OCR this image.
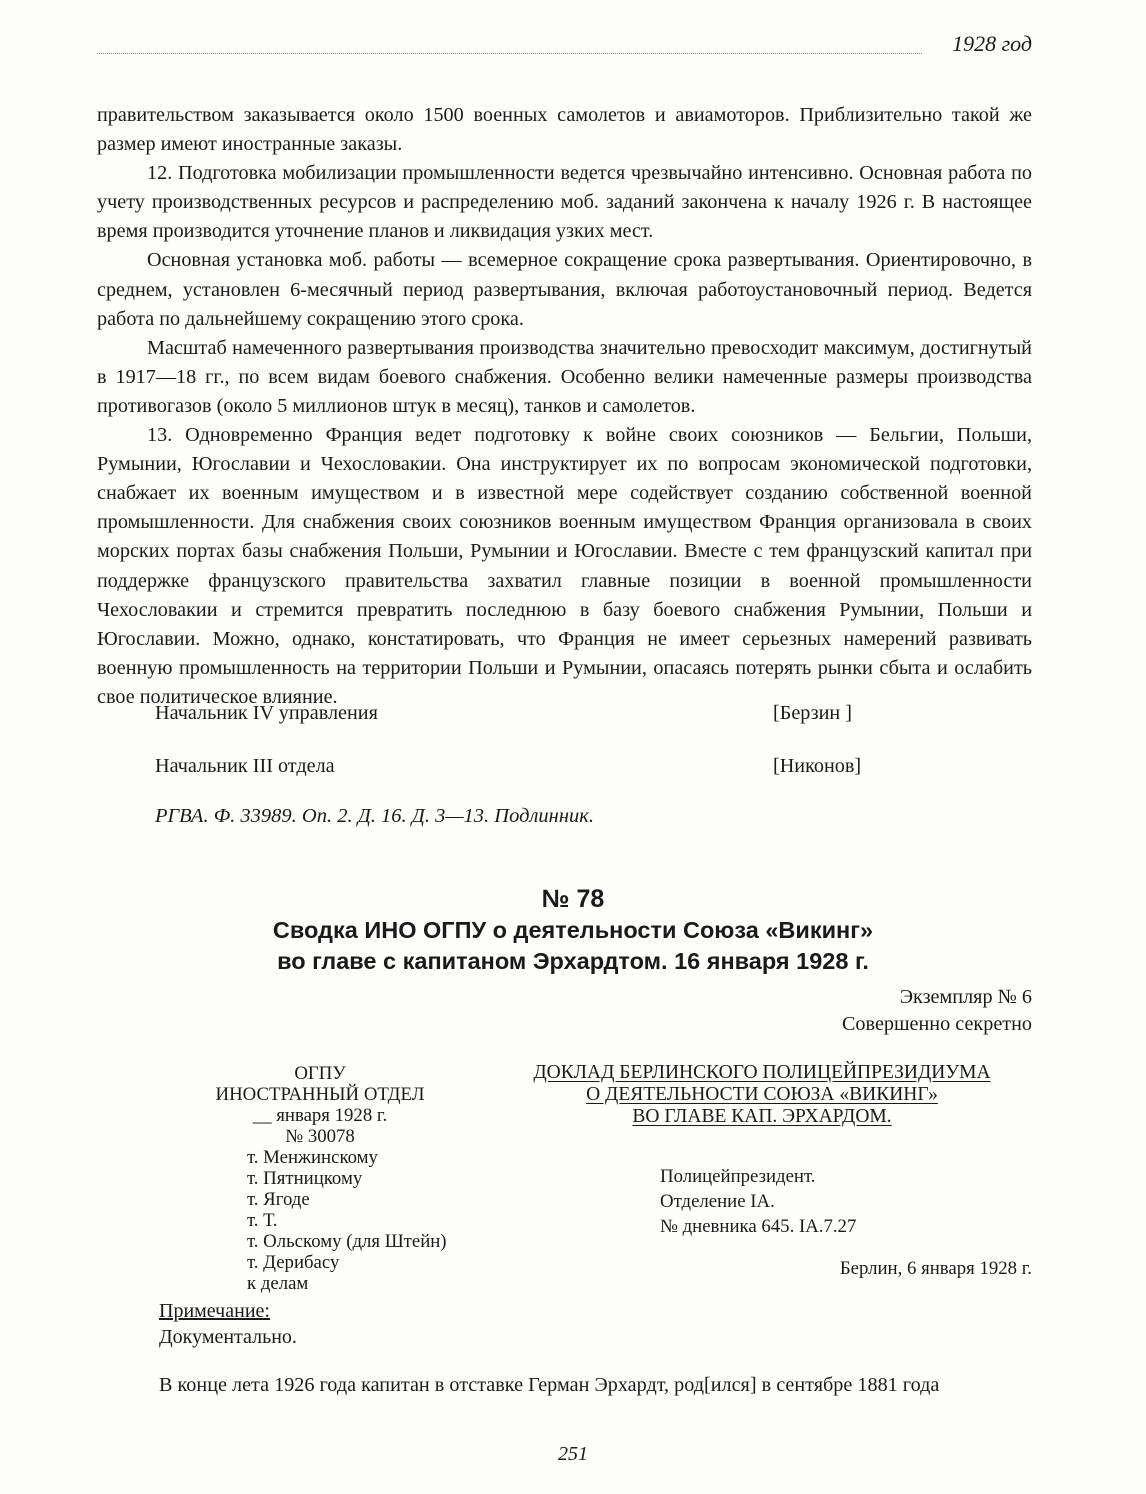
1928 год

правительством заказывается около 1500 военных самолетов и авиамоторов. Приблизительно такой же размер имеют иностранные заказы.

12. Подготовка мобилизации промышленности ведется чрезвычайно интенсивно. Основная работа по учету производственных ресурсов и распределению моб. заданий закончена к началу 1926 г. В настоящее время производится уточнение планов и ликвидация узких мест.

Основная установка моб. работы — всемерное сокращение срока развертывания. Ориентировочно, в среднем, установлен 6-месячный период развертывания, включая работоустановочный период. Ведется работа по дальнейшему сокращению этого срока.

Масштаб намеченного развертывания производства значительно превосходит максимум, достигнутый в 1917—18 гг., по всем видам боевого снабжения. Особенно велики намеченные размеры производства противогазов (около 5 миллионов штук в месяц), танков и самолетов.

13. Одновременно Франция ведет подготовку к войне своих союзников — Бельгии, Польши, Румынии, Югославии и Чехословакии. Она инструктирует их по вопросам экономической подготовки, снабжает их военным имуществом и в известной мере содействует созданию собственной военной промышленности. Для снабжения своих союзников военным имуществом Франция организовала в своих морских портах базы снабжения Польши, Румынии и Югославии. Вместе с тем французский капитал при поддержке французского правительства захватил главные позиции в военной промышленности Чехословакии и стремится превратить последнюю в базу боевого снабжения Румынии, Польши и Югославии. Можно, однако, констатировать, что Франция не имеет серьезных намерений развивать военную промышленность на территории Польши и Румынии, опасаясь потерять рынки сбыта и ослабить свое политическое влияние.

Начальник IV управления	[Берзин ]
Начальник III отдела	[Никонов]
РГВА. Ф. 33989. Оп. 2. Д. 16. Д. 3—13. Подлинник.
№ 78
Сводка ИНО ОГПУ о деятельности Союза «Викинг»
во главе с капитаном Эрхардтом. 16 января 1928 г.
Экземпляр № 6
Совершенно секретно
ОГПУ
ИНОСТРАННЫЙ ОТДЕЛ
__ января 1928 г.
№ 30078
т. Менжинскому
т. Пятницкому
т. Ягоде
т. Т.
т. Ольскому (для Штейн)
т. Дерибасу
к делам
ДОКЛАД БЕРЛИНСКОГО ПОЛИЦЕЙПРЕЗИДИУМА
О ДЕЯТЕЛЬНОСТИ СОЮЗА «ВИКИНГ»
ВО ГЛАВЕ КАП. ЭРХАРДОМ.
Полицейпрезидент.
Отделение IA.
№ дневника 645. IA.7.27
Берлин, 6 января 1928 г.
Примечание:
Документально.
В конце лета 1926 года капитан в отставке Герман Эрхардт, род[ился] в сентябре 1881 года
251
